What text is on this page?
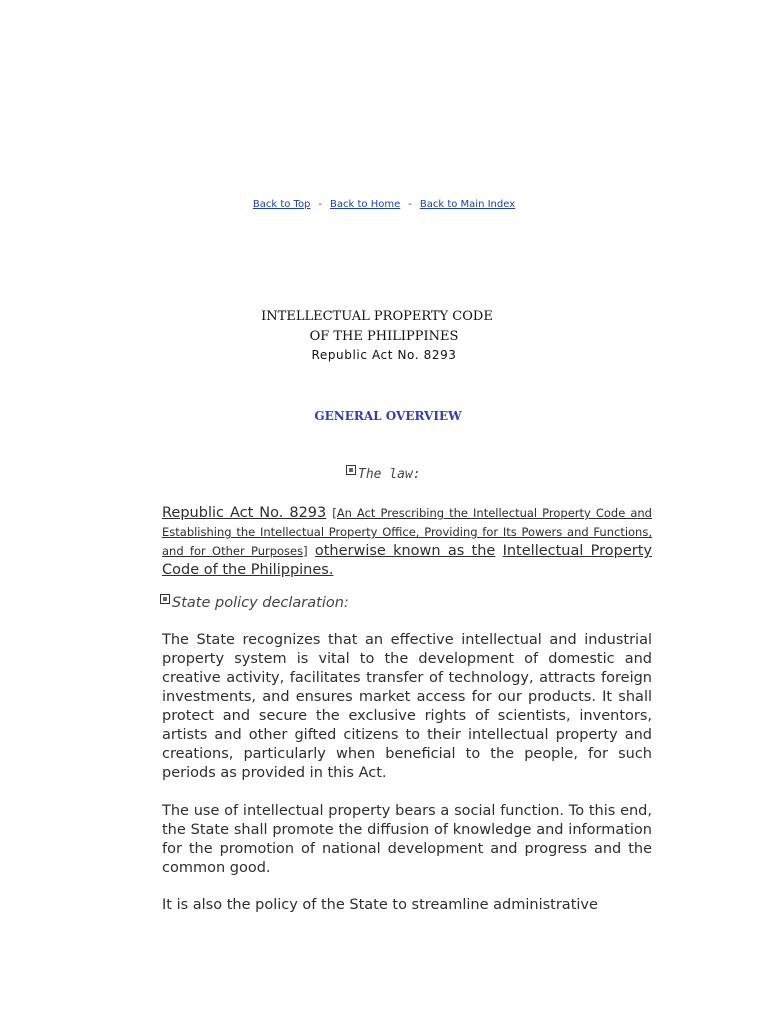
Back to Top - Back to Home - Back to Main Index
INTELLECTUAL PROPERTY CODE
OF THE PHILIPPINES
Republic Act No. 8293
GENERAL OVERVIEW
The law:
Republic Act No. 8293 [An Act Prescribing the Intellectual Property Code and Establishing the Intellectual Property Office, Providing for Its Powers and Functions, and for Other Purposes] otherwise known as the Intellectual Property Code of the Philippines.
State policy declaration:
The State recognizes that an effective intellectual and industrial property system is vital to the development of domestic and creative activity, facilitates transfer of technology, attracts foreign investments, and ensures market access for our products. It shall protect and secure the exclusive rights of scientists, inventors, artists and other gifted citizens to their intellectual property and creations, particularly when beneficial to the people, for such periods as provided in this Act.
The use of intellectual property bears a social function. To this end, the State shall promote the diffusion of knowledge and information for the promotion of national development and progress and the common good.
It is also the policy of the State to streamline administrative
